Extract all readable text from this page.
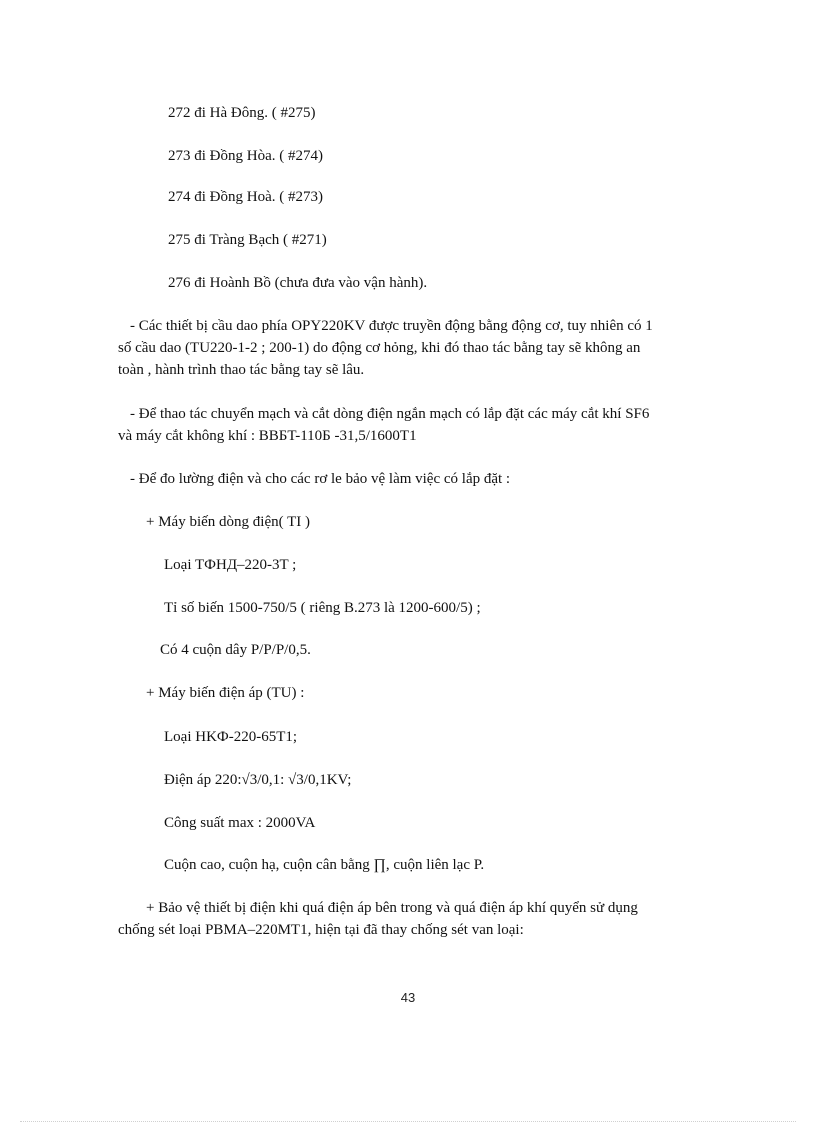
272 đi Hà Đông. ( #275)
273 đi Đồng Hòa. ( #274)
274 đi Đồng Hoà. ( #273)
275 đi Tràng Bạch ( #271)
276 đi Hoành Bồ (chưa đưa vào vận hành).
- Các thiết bị cầu dao phía OPY220KV được truyền động bằng động cơ, tuy nhiên có 1
số cầu dao (TU220-1-2 ; 200-1) do động cơ hỏng, khi đó thao tác bằng tay sẽ không an
toàn , hành trình thao tác bằng tay sẽ lâu.
- Để thao tác chuyển mạch và cắt dòng điện ngắn mạch có lắp đặt các máy cắt khí SF6
và máy cắt không khí : BBБT-110Б -31,5/1600T1
- Để đo lường điện và cho các rơ le bảo vệ làm việc có lắp đặt :
+ Máy biến dòng điện( TI )
Loại TФНД–220-3T ;
Tỉ số biến 1500-750/5 ( riêng B.273 là 1200-600/5) ;
Có 4 cuộn dây P/P/P/0,5.
+ Máy biến điện áp (TU) :
Loại HKФ-220-65T1;
Điện áp 220:√3/0,1: √3/0,1KV;
Công suất max : 2000VA
Cuộn cao, cuộn hạ, cuộn cân bằng ∏, cuộn liên lạc P.
+ Bảo vệ thiết bị điện khi quá điện áp bên trong và quá điện áp khí quyển sử dụng
chống sét loại PBMA–220MT1, hiện tại đã thay chống sét van loại:
43
